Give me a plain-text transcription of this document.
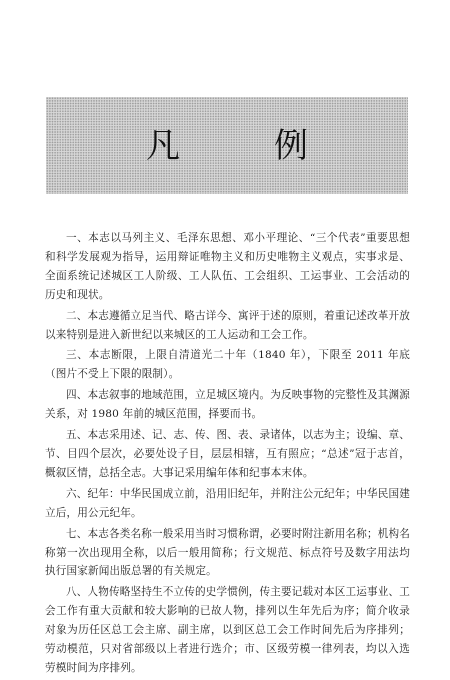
凡　例

一、本志以马列主义、毛泽东思想、邓小平理论、“三个代表”重要思想和科学发展观为指导，运用辩证唯物主义和历史唯物主义观点，实事求是、全面系统记述城区工人阶级、工人队伍、工会组织、工运事业、工会活动的历史和现状。

二、本志遵循立足当代、略古详今、寓评于述的原则，着重记述改革开放以来特别是进入新世纪以来城区的工人运动和工会工作。

三、本志断限，上限自清道光二十年（1840 年），下限至 2011 年底（图片不受上下限的限制）。

四、本志叙事的地域范围，立足城区境内。为反映事物的完整性及其渊源关系，对 1980 年前的城区范围，择要而书。

五、本志采用述、记、志、传、图、表、录诸体，以志为主；设编、章、节、目四个层次，必要处设子目，层层相辖，互有照应；“总述”冠于志首，概叙区情，总括全志。大事记采用编年体和纪事本末体。

六、纪年：中华民国成立前，沿用旧纪年，并附注公元纪年；中华民国建立后，用公元纪年。

七、本志各类名称一般采用当时习惯称谓，必要时附注新用名称；机构名称第一次出现用全称，以后一般用简称；行文规范、标点符号及数字用法均执行国家新闻出版总署的有关规定。

八、人物传略坚持生不立传的史学惯例，传主要记载对本区工运事业、工会工作有重大贡献和较大影响的已故人物，排列以生年先后为序；简介收录对象为历任区总工会主席、副主席，以到区总工会工作时间先后为序排列；劳动模范，只对省部级以上者进行选介；市、区级劳模一律列表，均以入选劳模时间为序排列。
